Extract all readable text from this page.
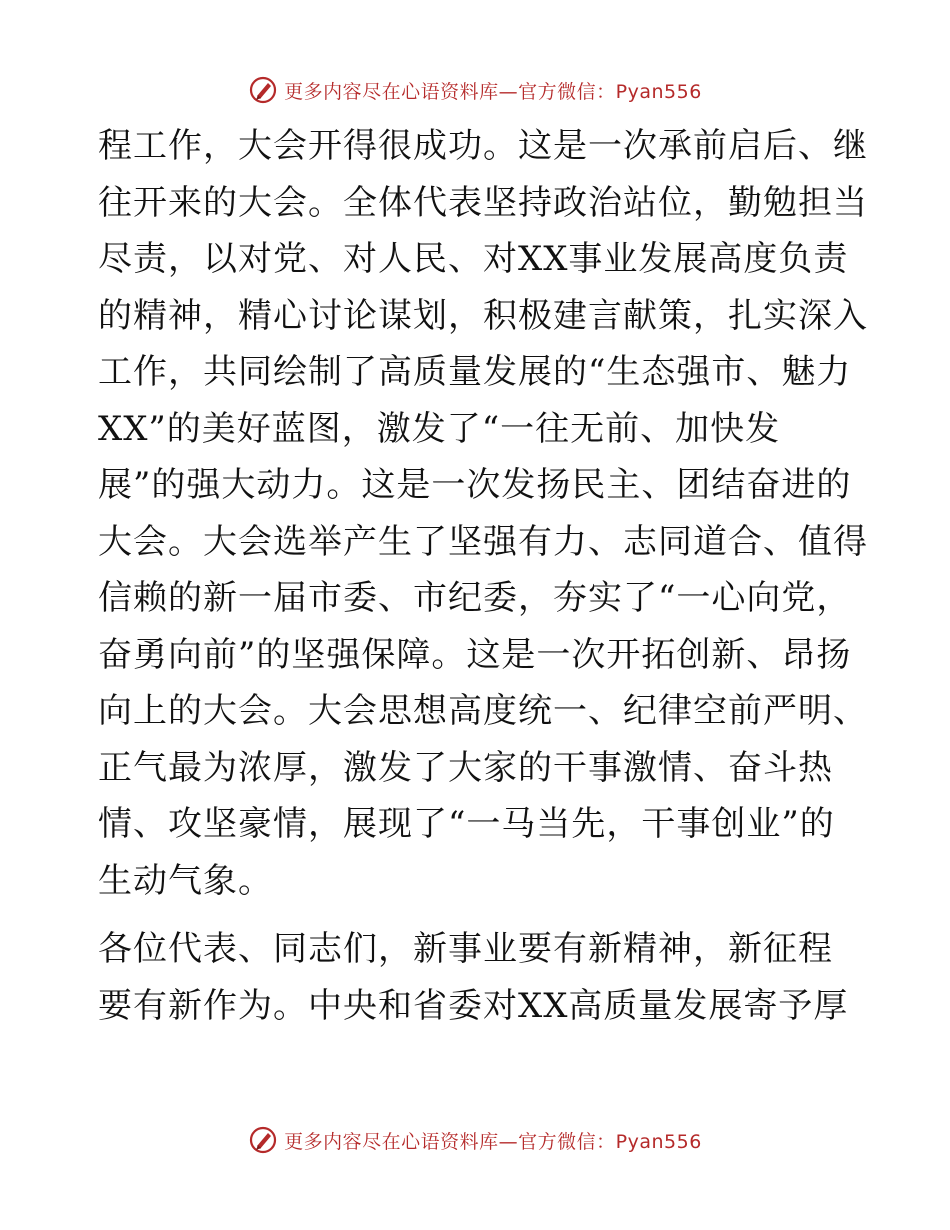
更多内容尽在心语资料库—官方微信：Pyan556

程工作，大会开得很成功。这是一次承前启后、继
往开来的大会。全体代表坚持政治站位，勤勉担当
尽责，以对党、对人民、对XX事业发展高度负责
的精神，精心讨论谋划，积极建言献策，扎实深入
工作，共同绘制了高质量发展的“生态强市、魅力
XX”的美好蓝图，激发了“一往无前、加快发
展”的强大动力。这是一次发扬民主、团结奋进的
大会。大会选举产生了坚强有力、志同道合、值得
信赖的新一届市委、市纪委，夯实了“一心向党，
奋勇向前”的坚强保障。这是一次开拓创新、昂扬
向上的大会。大会思想高度统一、纪律空前严明、
正气最为浓厚，激发了大家的干事激情、奋斗热
情、攻坚豪情，展现了“一马当先，干事创业”的
生动气象。

各位代表、同志们，新事业要有新精神，新征程
要有新作为。中央和省委对XX高质量发展寄予厚

更多内容尽在心语资料库—官方微信：Pyan556
